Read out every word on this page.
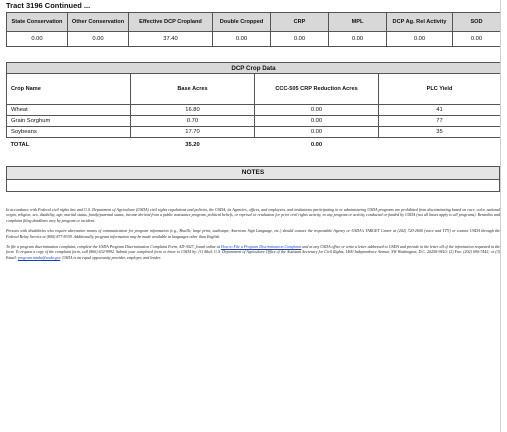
Tract 3196 Continued ...
State Conservation	Other Conservation	Effective DCP Cropland	Double Cropped	CRP	MPL	DCP Ag. Rel Activity	SOD
0.00	0.00	37.40	0.00	0.00	0.00	0.00	0.00
DCP Crop Data			
Crop Name	Base Acres	CCC-505 CRP Reduction Acres	PLC Yield
Wheat	16.80	0.00	41
Grain Sorghum	0.70	0.00	77
Soybeans	17.70	0.00	35
TOTAL	35.20	0.00	
NOTES

In accordance with Federal civil rights law and U.S. Department of Agriculture (USDA) civil rights regulations and policies, the USDA, its Agencies, offices, and employees, and institutions participating in or administering USDA programs are prohibited from discriminating based on race, color, national origin, religion, sex, disability, age, marital status, family/parental status, income derived from a public assistance program, political beliefs, or reprisal or retaliation for prior civil rights activity, in any program or activity conducted or funded by USDA (not all bases apply to all programs). Remedies and complaint filing deadlines vary by program or incident.

Persons with disabilities who require alternative means of communication for program information (e.g., Braille, large print, audiotape, American Sign Language, etc.) should contact the responsible Agency or USDA's TARGET Center at (202) 720-2600 (voice and TTY) or contact USDA through the Federal Relay Service at (800) 877-8339. Additionally, program information may be made available in languages other than English.

To file a program discrimination complaint, complete the USDA Program Discrimination Complaint Form, AD-3027, found online at How to File a Program Discrimination Complaint and at any USDA office or write a letter addressed to USDA and provide in the letter all of the information requested in the form. To request a copy of the complaint form, call (866) 632-9992. Submit your completed form or letter to USDA by: (1) Mail: U.S. Department of Agriculture Office of the Assistant Secretary for Civil Rights, 1400 Independence Avenue, SW Washington, D.C. 20250-9410; (2) Fax: (202) 690-7442; or (3) Email: program.intake@usda.gov. USDA is an equal opportunity provider, employer, and lender.
